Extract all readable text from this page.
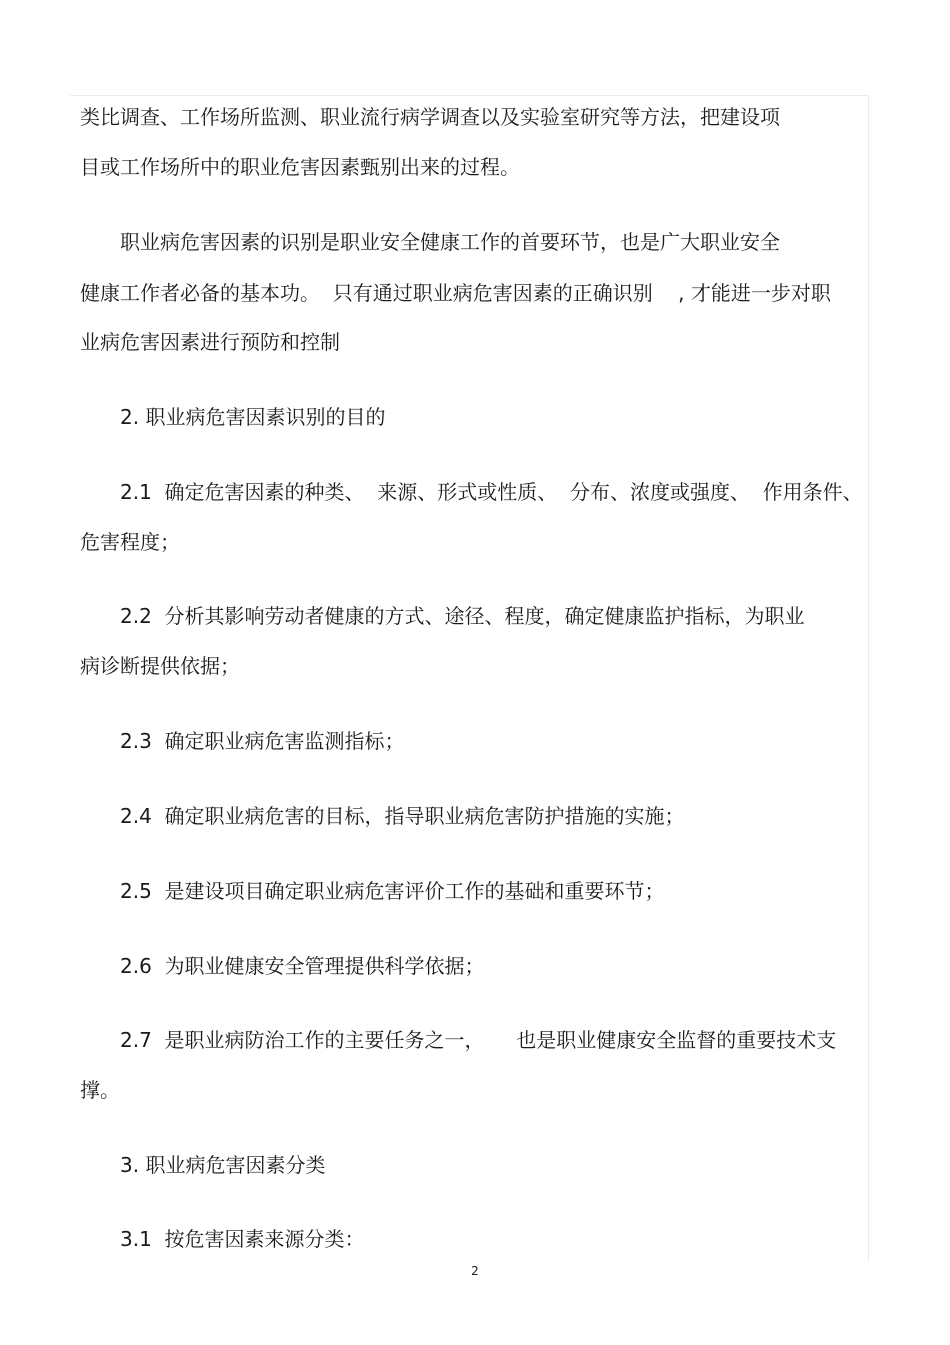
类比调查、工作场所监测、职业流行病学调查以及实验室研究等方法，把建设项

目或工作场所中的职业危害因素甄别出来的过程。

职业病危害因素的识别是职业安全健康工作的首要环节，也是广大职业安全

健康工作者必备的基本功。  只有通过职业病危害因素的正确识别    , 才能进一步对职

业病危害因素进行预防和控制

2. 职业病危害因素识别的目的

2.1  确定危害因素的种类、  来源、形式或性质、  分布、浓度或强度、  作用条件、

危害程度；

2.2  分析其影响劳动者健康的方式、途径、程度，确定健康监护指标，为职业

病诊断提供依据；

2.3  确定职业病危害监测指标；

2.4  确定职业病危害的目标，指导职业病危害防护措施的实施；

2.5  是建设项目确定职业病危害评价工作的基础和重要环节；

2.6  为职业健康安全管理提供科学依据；

2.7  是职业病防治工作的主要任务之一，     也是职业健康安全监督的重要技术支

撑。

3. 职业病危害因素分类

3.1  按危害因素来源分类：

2
